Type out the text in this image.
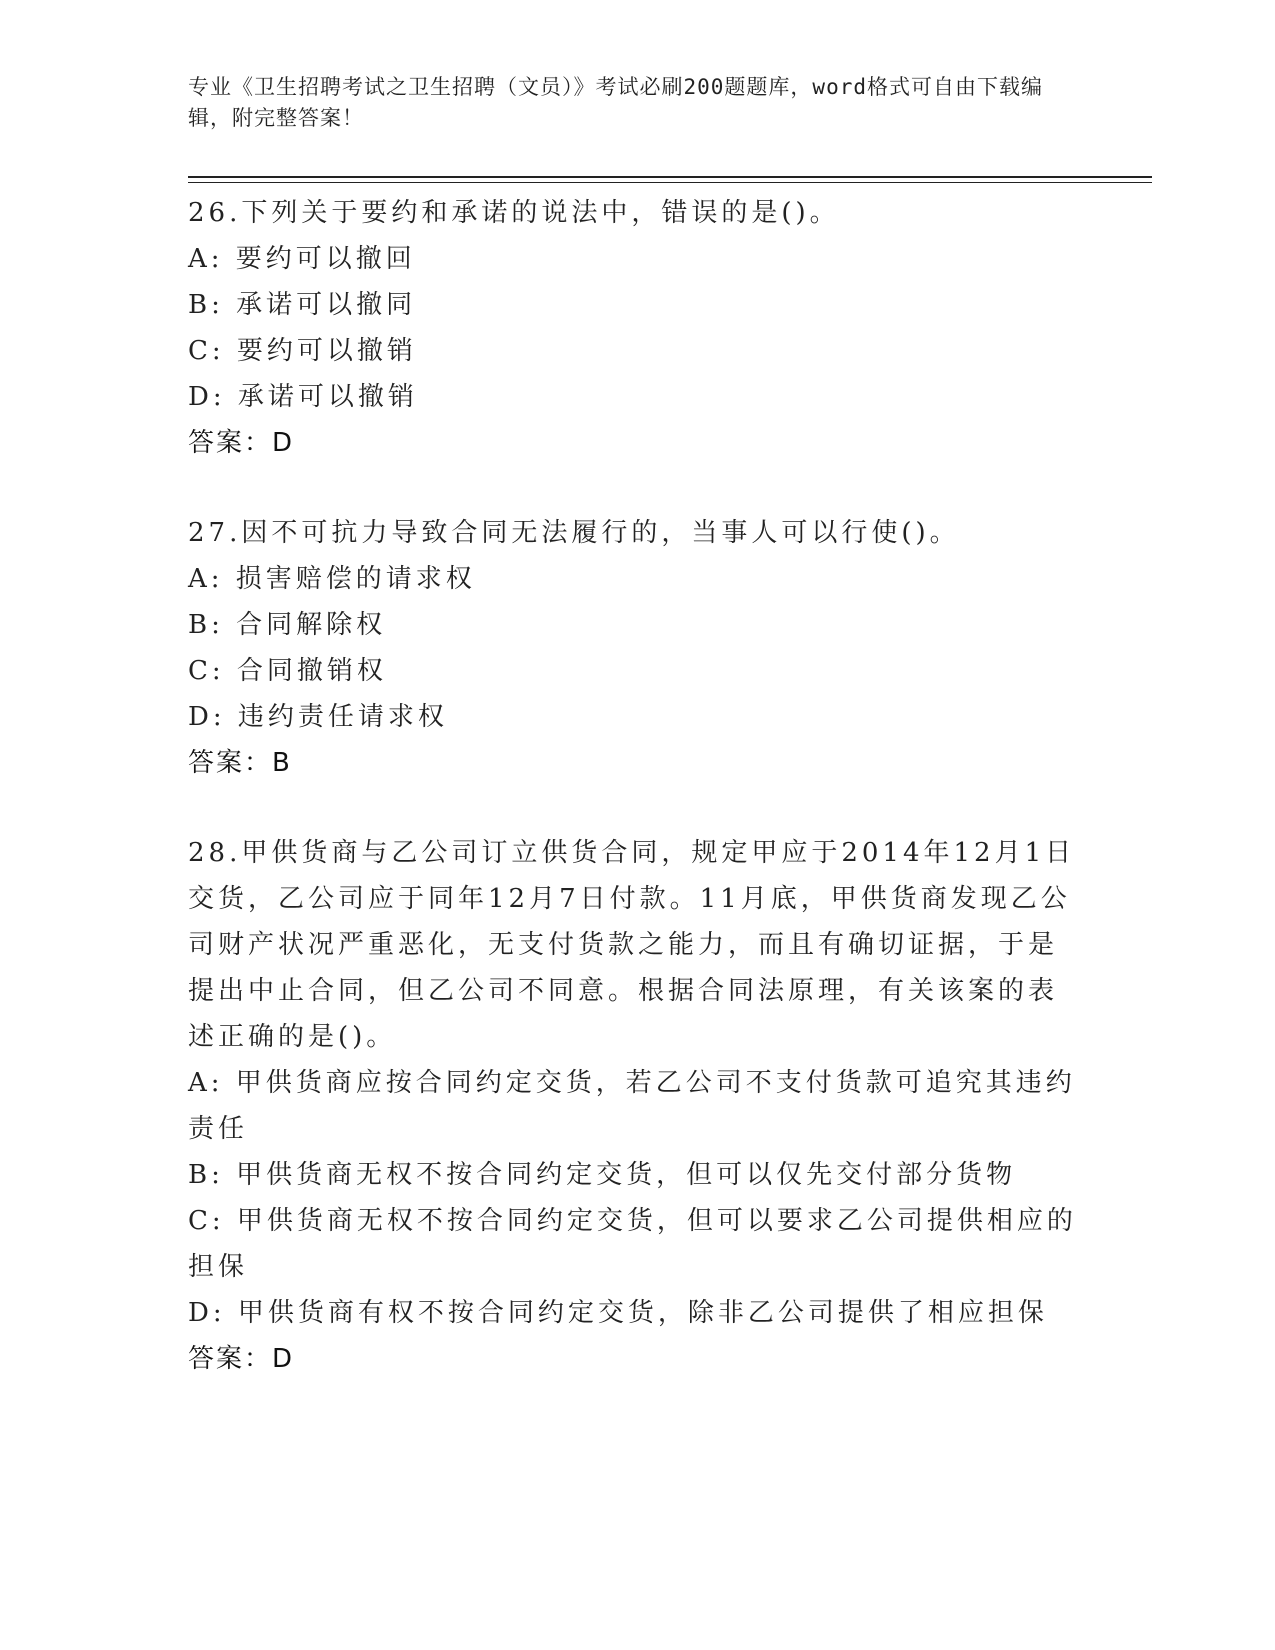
专业《卫生招聘考试之卫生招聘（文员）》考试必刷200题题库，word格式可自由下载编辑，附完整答案！
26.下列关于要约和承诺的说法中，错误的是()。
A: 要约可以撤回
B: 承诺可以撤同
C: 要约可以撤销
D: 承诺可以撤销
答案：D
27.因不可抗力导致合同无法履行的，当事人可以行使()。
A: 损害赔偿的请求权
B: 合同解除权
C: 合同撤销权
D: 违约责任请求权
答案：B
28.甲供货商与乙公司订立供货合同，规定甲应于2014年12月1日交货，乙公司应于同年12月7日付款。11月底，甲供货商发现乙公司财产状况严重恶化，无支付货款之能力，而且有确切证据，于是提出中止合同，但乙公司不同意。根据合同法原理，有关该案的表述正确的是()。
A: 甲供货商应按合同约定交货，若乙公司不支付货款可追究其违约责任
B: 甲供货商无权不按合同约定交货，但可以仅先交付部分货物
C: 甲供货商无权不按合同约定交货，但可以要求乙公司提供相应的担保
D: 甲供货商有权不按合同约定交货，除非乙公司提供了相应担保
答案：D
